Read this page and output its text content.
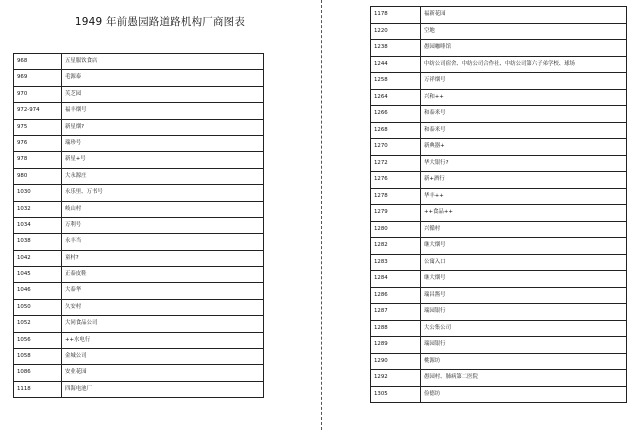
1949 年前愚园路道路机构厂商图表
968	五星服饮食店
969	毛源泰
970	芙芝园
972-974	福丰烟号
975	新星烟?
976	瑞珍号
978	新星+号
980	大永源庄
1030	永乐里、万书号
1032	岐山村
1034	万利号
1038	永丰当
1042	童村?
1045	正泰皮鞋
1046	大泰华
1050	久安村
1052	大同食品公司
1056	++水电行
1058	金城公司
1086	安业花园
1118	四海电池厂
1178	福新花园
1220	空地
1238	愚园咖啡馆
1244	中纺公司宿舍、中纺公司合作社、中纺公司第六子弟学校、球场
1258	万祥烟号
1264	兴和++
1266	和泰米号
1268	和泰米号
1270	新典器+
1272	华大银行?
1276	新+酒行
1278	华丰++
1279	++食品++
1280	兴循村
1282	继大烟号
1283	公寓入口
1284	继大烟号
1286	瑞昌酱号
1287	瑞园银行
1288	大公集公司
1289	瑞园银行
1290	桃源坊
1292	愚园村、肺病第二医院
1305	俭德坊
